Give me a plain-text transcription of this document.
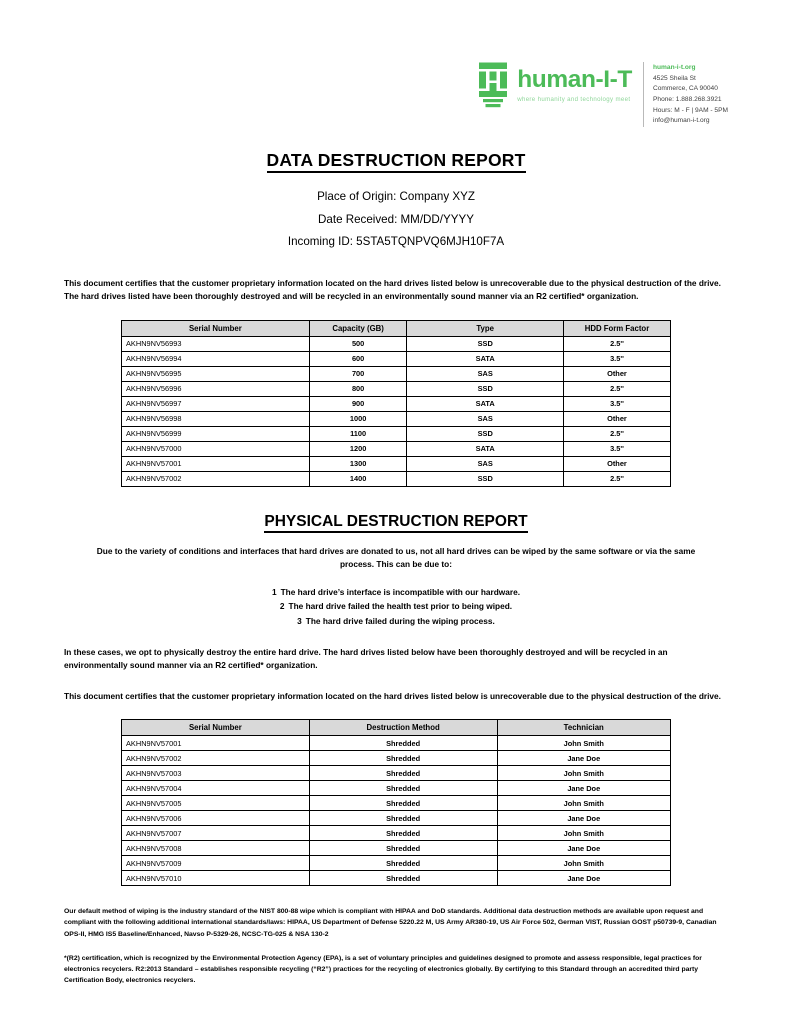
human-I-T
where humanity and technology meet
human-i-t.org
4525 Sheila St
Commerce, CA 90040
Phone: 1.888.268.3921
Hours: M - F | 9AM - 5PM
info@human-i-t.org
DATA DESTRUCTION REPORT
Place of Origin: Company XYZ
Date Received: MM/DD/YYYY
Incoming ID: 5STA5TQNPVQ6MJH10F7A
This document certifies that the customer proprietary information located on the hard drives listed below is unrecoverable due to the physical destruction of the drive. The hard drives listed have been thoroughly destroyed and will be recycled in an environmentally sound manner via an R2 certified* organization.
Serial Number	Capacity (GB)	Type	HDD Form Factor
AKHN9NV56993	500	SSD	2.5''
AKHN9NV56994	600	SATA	3.5''
AKHN9NV56995	700	SAS	Other
AKHN9NV56996	800	SSD	2.5''
AKHN9NV56997	900	SATA	3.5''
AKHN9NV56998	1000	SAS	Other
AKHN9NV56999	1100	SSD	2.5''
AKHN9NV57000	1200	SATA	3.5''
AKHN9NV57001	1300	SAS	Other
AKHN9NV57002	1400	SSD	2.5''
PHYSICAL DESTRUCTION REPORT
Due to the variety of conditions and interfaces that hard drives are donated to us, not all hard drives can be wiped by the same software or via the same process. This can be due to:
1 The hard drive’s interface is incompatible with our hardware.
2 The hard drive failed the health test prior to being wiped.
3 The hard drive failed during the wiping process.
In these cases, we opt to physically destroy the entire hard drive. The hard drives listed below have been thoroughly destroyed and will be recycled in an environmentally sound manner via an R2 certified* organization.
This document certifies that the customer proprietary information located on the hard drives listed below is unrecoverable due to the physical destruction of the drive.
Serial Number	Destruction Method	Technician
AKHN9NV57001	Shredded	John Smith
AKHN9NV57002	Shredded	Jane Doe
AKHN9NV57003	Shredded	John Smith
AKHN9NV57004	Shredded	Jane Doe
AKHN9NV57005	Shredded	John Smith
AKHN9NV57006	Shredded	Jane Doe
AKHN9NV57007	Shredded	John Smith
AKHN9NV57008	Shredded	Jane Doe
AKHN9NV57009	Shredded	John Smith
AKHN9NV57010	Shredded	Jane Doe
Our default method of wiping is the industry standard of the NIST 800-88 wipe which is compliant with HIPAA and DoD standards. Additional data destruction methods are available upon request and compliant with the following additional international standards/laws: HIPAA, US Department of Defense 5220.22 M, US Army AR380-19, US Air Force 502, German VIST, Russian GOST p50739-9, Canadian OPS-II, HMG IS5 Baseline/Enhanced, Navso P-5329-26, NCSC-TG-025 & NSA 130-2
*(R2) certification, which is recognized by the Environmental Protection Agency (EPA), is a set of voluntary principles and guidelines designed to promote and assess responsible, legal practices for electronics recyclers. R2:2013 Standard – establishes responsible recycling (“R2”) practices for the recycling of electronics globally. By certifying to this Standard through an accredited third party Certification Body, electronics recyclers.
